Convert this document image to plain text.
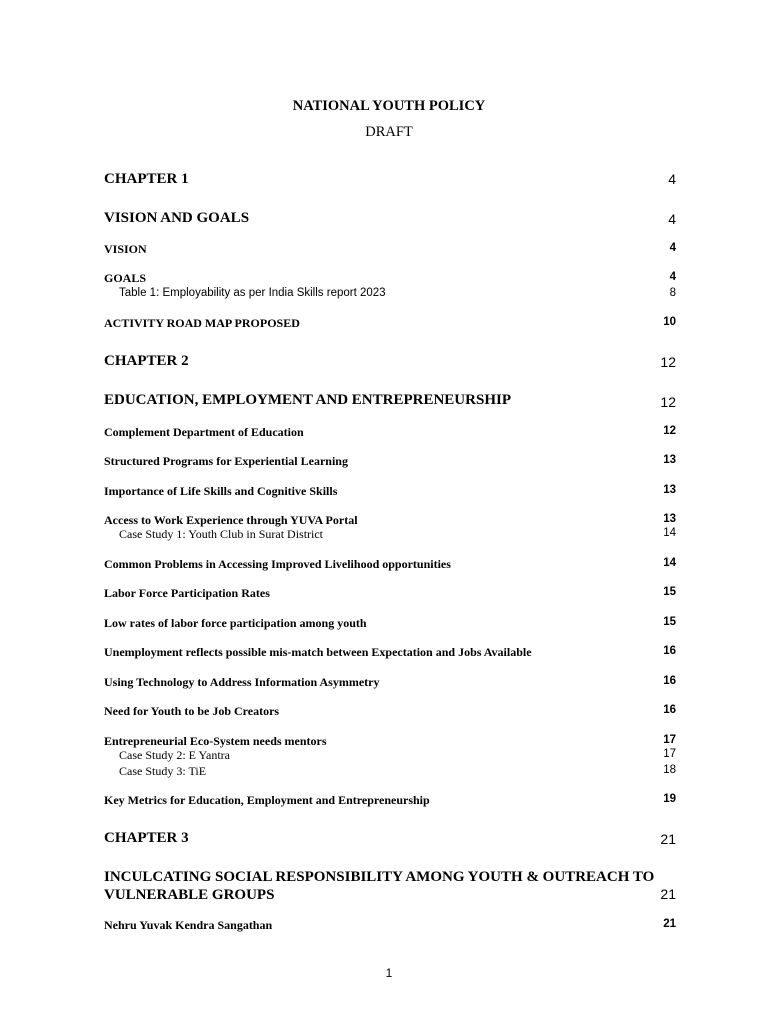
NATIONAL YOUTH POLICY
DRAFT
CHAPTER 1	4
VISION AND GOALS	4
VISION	4
GOALS	4
Table 1: Employability as per India Skills report 2023	8
ACTIVITY ROAD MAP PROPOSED	10
CHAPTER 2	12
EDUCATION, EMPLOYMENT AND ENTREPRENEURSHIP	12
Complement Department of Education	12
Structured Programs for Experiential Learning	13
Importance of Life Skills and Cognitive Skills	13
Access to Work Experience through YUVA Portal	13
Case Study 1: Youth Club in Surat District	14
Common Problems in Accessing Improved Livelihood opportunities	14
Labor Force Participation Rates	15
Low rates of labor force participation among youth	15
Unemployment reflects possible mis-match between Expectation and Jobs Available	16
Using Technology to Address Information Asymmetry	16
Need for Youth to be Job Creators	16
Entrepreneurial Eco-System needs mentors	17
Case Study 2: E Yantra	17
Case Study 3: TiE	18
Key Metrics for Education, Employment and Entrepreneurship	19
CHAPTER 3	21
INCULCATING SOCIAL RESPONSIBILITY AMONG YOUTH & OUTREACH TO VULNERABLE GROUPS	21
Nehru Yuvak Kendra Sangathan	21
1
